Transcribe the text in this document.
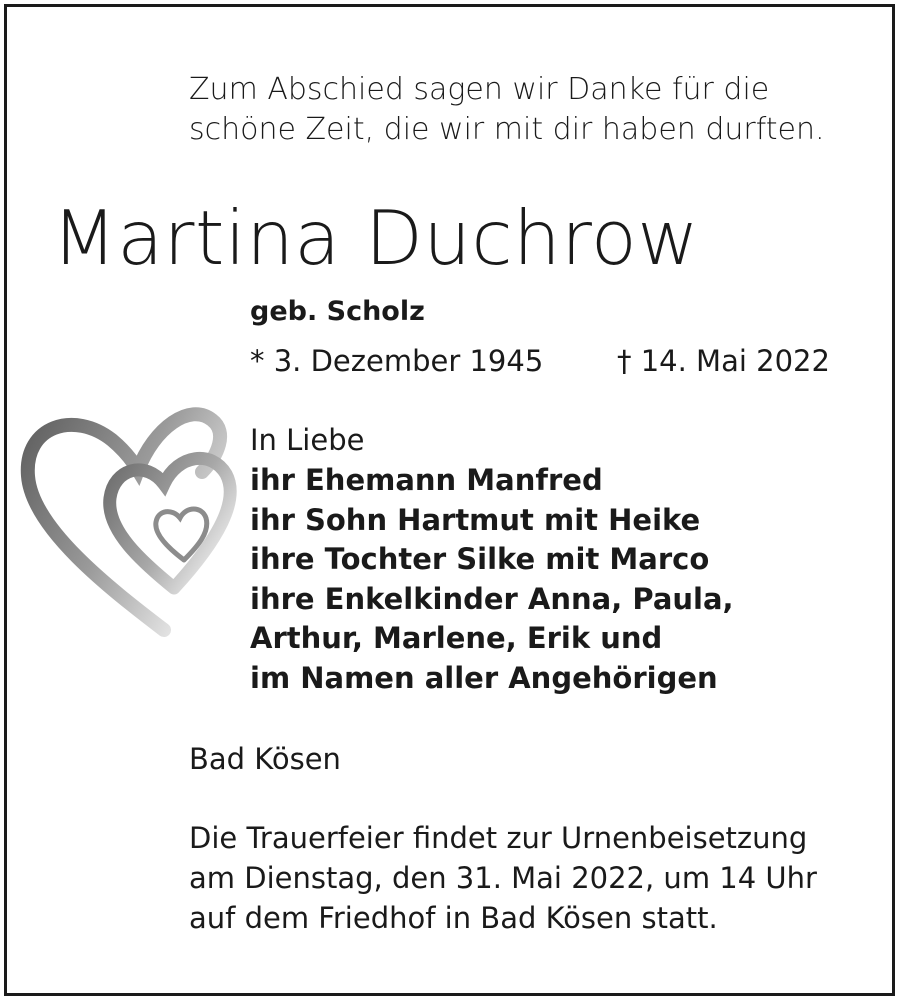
Zum Abschied sagen wir Danke für die
schöne Zeit, die wir mit dir haben durften.
Martina Duchrow
geb. Scholz
* 3. Dezember 1945	† 14. Mai 2022
In Liebe
ihr Ehemann Manfred
ihr Sohn Hartmut mit Heike
ihre Tochter Silke mit Marco
ihre Enkelkinder Anna, Paula,
Arthur, Marlene, Erik und
im Namen aller Angehörigen
Bad Kösen
Die Trauerfeier findet zur Urnenbeisetzung
am Dienstag, den 31. Mai 2022, um 14 Uhr
auf dem Friedhof in Bad Kösen statt.
